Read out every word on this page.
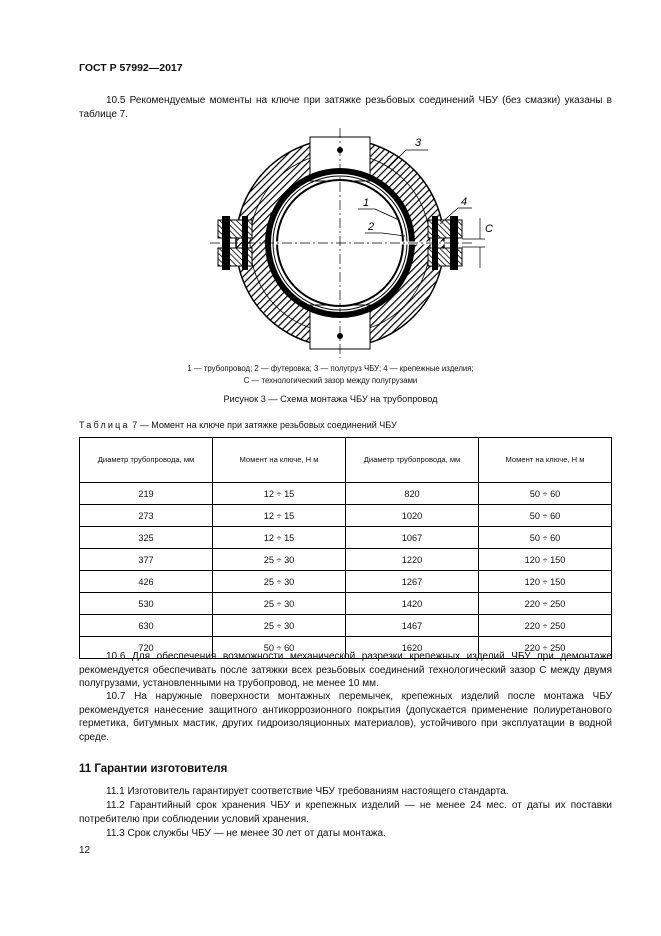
ГОСТ Р 57992—2017
10.5 Рекомендуемые моменты на ключе при затяжке резьбовых соединений ЧБУ (без смазки) указаны в таблице 7.
3
1
2
4
C
1 — трубопровод; 2 — футеровка; 3 — полугруз ЧБУ; 4 — крепежные изделия;
С — технологический зазор между полугрузами
Рисунок 3 — Схема монтажа ЧБУ на трубопровод
Таблица 7 — Момент на ключе при затяжке резьбовых соединений ЧБУ
Диаметр трубопровода, мм	Момент на ключе, Н м	Диаметр трубопровода, мм	Момент на ключе, Н м
219	12 ÷ 15	820	50 ÷ 60
273	12 ÷ 15	1020	50 ÷ 60
325	12 ÷ 15	1067	50 ÷ 60
377	25 ÷ 30	1220	120 ÷ 150
426	25 ÷ 30	1267	120 ÷ 150
530	25 ÷ 30	1420	220 ÷ 250
630	25 ÷ 30	1467	220 ÷ 250
720	50 ÷ 60	1620	220 ÷ 250
10.6 Для обеспечения возможности механической разрезки крепежных изделий ЧБУ при демонтаже рекомендуется обеспечивать после затяжки всех резьбовых соединений технологический зазор С между двумя полугрузами, установленными на трубопровод, не менее 10 мм.
10.7 На наружные поверхности монтажных перемычек, крепежных изделий после монтажа ЧБУ рекомендуется нанесение защитного антикоррозионного покрытия (допускается применение полиуретанового герметика, битумных мастик, других гидроизоляционных материалов), устойчивого при эксплуатации в водной среде.
11 Гарантии изготовителя
11.1 Изготовитель гарантирует соответствие ЧБУ требованиям настоящего стандарта.
11.2 Гарантийный срок хранения ЧБУ и крепежных изделий — не менее 24 мес. от даты их поставки потребителю при соблюдении условий хранения.
11.3 Срок службы ЧБУ — не менее 30 лет от даты монтажа.
12
